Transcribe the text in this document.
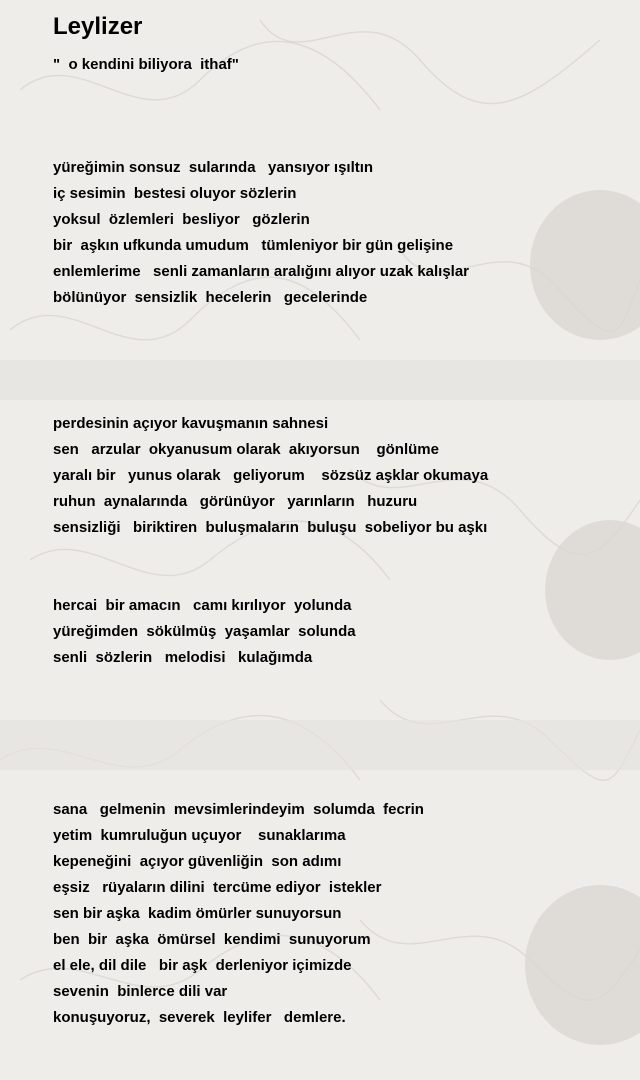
Leylizer
"  o kendini biliyora  ithaf"
yüreğimin sonsuz  sularında   yansıyor ışıltın
iç sesimin  bestesi oluyor sözlerin
yoksul  özlemleri  besliyor   gözlerin
bir  aşkın ufkunda umudum   tümleniyor bir gün gelişine
enlemlerime   senli zamanların aralığını alıyor uzak kalışlar
bölünüyor  sensizlik  hecelerin   gecelerinde
perdesinin açıyor kavuşmanın sahnesi
sen   arzular  okyanusum olarak  akıyorsun    gönlüme
yaralı bir   yunus olarak   geliyorum    sözsüz aşklar okumaya
ruhun  aynalarında   görünüyor   yarınların   huzuru
sensizliği   biriktiren  buluşmaların  buluşu  sobeliyor bu aşkı
hercai  bir amacın   camı kırılıyor  yolunda
yüreğimden  sökülmüş  yaşamlar  solunda
senli  sözlerin   melodisi   kulağımda
sana   gelmenin  mevsimlerindeyim  solumda  fecrin
yetim  kumruluğun uçuyor    sunaklarıma
kepeneğini  açıyor güvenliğin  son adımı
eşsiz   rüyaların dilini  tercüme ediyor  istekler
sen bir aşka  kadim ömürler sunuyorsun
ben  bir  aşka  ömürsel  kendimi  sunuyorum
el ele, dil dile   bir aşk  derleniyor içimizde
sevenin  binlerce dili var
konuşuyoruz,  severek  leylifer   demlere.
